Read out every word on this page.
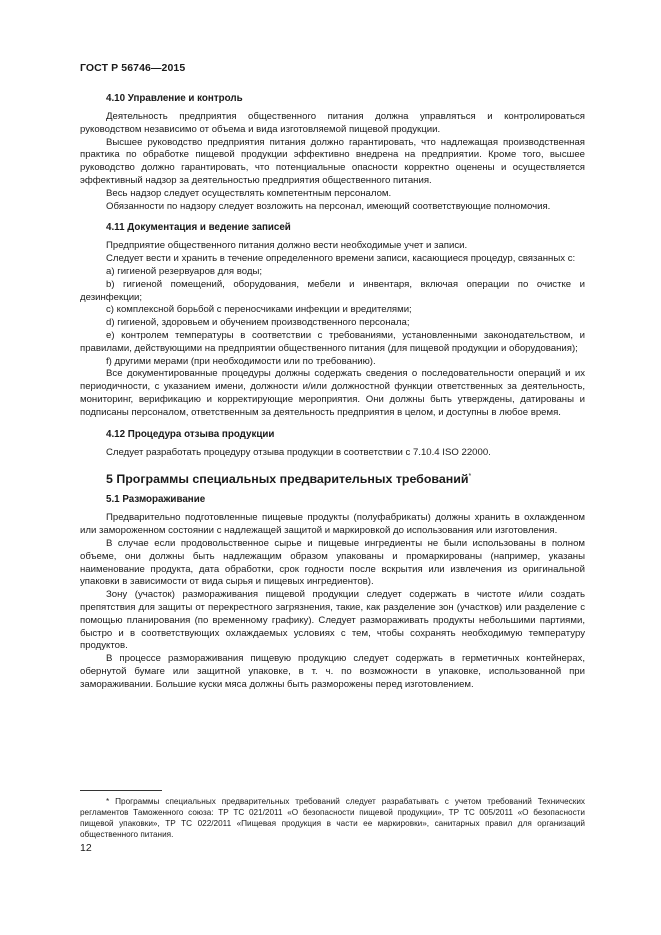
ГОСТ Р 56746—2015
4.10 Управление и контроль

Деятельность предприятия общественного питания должна управляться и контролироваться руководством независимо от объема и вида изготовляемой пищевой продукции.

Высшее руководство предприятия питания должно гарантировать, что надлежащая производственная практика по обработке пищевой продукции эффективно внедрена на предприятии. Кроме того, высшее руководство должно гарантировать, что потенциальные опасности корректно оценены и осуществляется эффективный надзор за деятельностью предприятия общественного питания.

Весь надзор следует осуществлять компетентным персоналом.

Обязанности по надзору следует возложить на персонал, имеющий соответствующие полномочия.

4.11 Документация и ведение записей

Предприятие общественного питания должно вести необходимые учет и записи.

Следует вести и хранить в течение определенного времени записи, касающиеся процедур, связанных с:

a) гигиеной резервуаров для воды;

b) гигиеной помещений, оборудования, мебели и инвентаря, включая операции по очистке и дезинфекции;

c) комплексной борьбой с переносчиками инфекции и вредителями;

d) гигиеной, здоровьем и обучением производственного персонала;

e) контролем температуры в соответствии с требованиями, установленными законодательством, и правилами, действующими на предприятии общественного питания (для пищевой продукции и оборудования);

f) другими мерами (при необходимости или по требованию).

Все документированные процедуры должны содержать сведения о последовательности операций и их периодичности, с указанием имени, должности и/или должностной функции ответственных за деятельность, мониторинг, верификацию и корректирующие мероприятия. Они должны быть утверждены, датированы и подписаны персоналом, ответственным за деятельность предприятия в целом, и доступны в любое время.

4.12 Процедура отзыва продукции

Следует разработать процедуру отзыва продукции в соответствии с 7.10.4 ISO 22000.

5 Программы специальных предварительных требований*
5.1 Размораживание

Предварительно подготовленные пищевые продукты (полуфабрикаты) должны хранить в охлажденном или замороженном состоянии с надлежащей защитой и маркировкой до использования или изготовления.

В случае если продовольственное сырье и пищевые ингредиенты не были использованы в полном объеме, они должны быть надлежащим образом упакованы и промаркированы (например, указаны наименование продукта, дата обработки, срок годности после вскрытия или извлечения из оригинальной упаковки в зависимости от вида сырья и пищевых ингредиентов).

Зону (участок) размораживания пищевой продукции следует содержать в чистоте и/или создать препятствия для защиты от перекрестного загрязнения, такие, как разделение зон (участков) или разделение с помощью планирования (по временному графику). Следует размораживать продукты небольшими партиями, быстро и в соответствующих охлаждаемых условиях с тем, чтобы сохранять необходимую температуру продуктов.

В процессе размораживания пищевую продукцию следует содержать в герметичных контейнерах, обернутой бумаге или защитной упаковке, в т. ч. по возможности в упаковке, использованной при замораживании. Большие куски мяса должны быть разморожены перед изготовлением.

* Программы специальных предварительных требований следует разрабатывать с учетом требований Технических регламентов Таможенного союза: ТР ТС 021/2011 «О безопасности пищевой продукции», ТР ТС 005/2011 «О безопасности пищевой упаковки», ТР ТС 022/2011 «Пищевая продукция в части ее маркировки», санитарных правил для организаций общественного питания.

12
